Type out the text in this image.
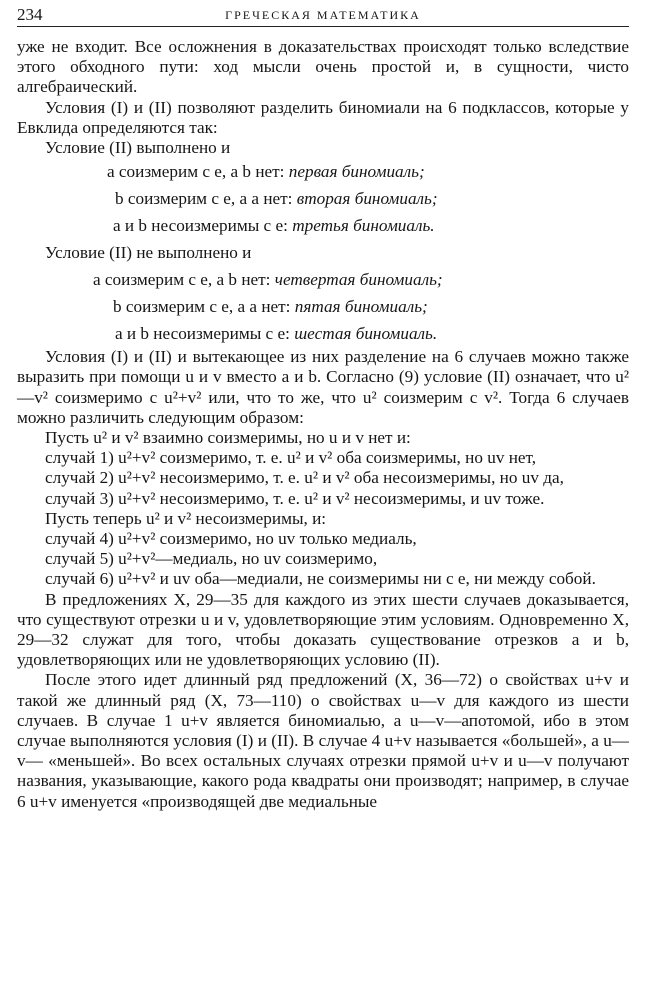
234	ГРЕЧЕСКАЯ МАТЕМАТИКА

уже не входит. Все осложнения в доказательствах происходят только вследствие этого обходного пути: ход мысли очень простой и, в сущности, чисто алгебраический.

Условия (I) и (II) позволяют разделить биномиали на 6 подклассов, которые у Евклида определяются так:

Условие (II) выполнено и

a соизмерим с e, а b нет: первая биномиаль;

b соизмерим с e, а a нет: вторая биномиаль;

a и b несоизмеримы с e: третья биномиаль.

Условие (II) не выполнено и

a соизмерим с e, а b нет: четвертая биномиаль;

b соизмерим с e, а a нет: пятая биномиаль;

a и b несоизмеримы с e: шестая биномиаль.

Условия (I) и (II) и вытекающее из них разделение на 6 случаев можно также выразить при помощи u и v вместо a и b. Согласно (9) условие (II) означает, что u²—v² соизмеримо с u²+v² или, что то же, что u² соизмерим с v². Тогда 6 случаев можно различить следующим образом:

Пусть u² и v² взаимно соизмеримы, но u и v нет и:

случай 1) u²+v² соизмеримо, т. е. u² и v² оба соизмеримы, но uv нет,

случай 2) u²+v² несоизмеримо, т. е. u² и v² оба несоизмеримы, но uv да,

случай 3) u²+v² несоизмеримо, т. е. u² и v² несоизмеримы, и uv тоже.

Пусть теперь u² и v² несоизмеримы, и:

случай 4) u²+v² соизмеримо, но uv только медиаль,

случай 5) u²+v²—медиаль, но uv соизмеримо,

случай 6) u²+v² и uv оба—медиали, не соизмеримы ни с e, ни между собой.

В предложениях X, 29—35 для каждого из этих шести случаев доказывается, что существуют отрезки u и v, удовлетворяющие этим условиям. Одновременно X, 29—32 служат для того, чтобы доказать существование отрезков a и b, удовлетворяющих или не удовлетворяющих условию (II).

После этого идет длинный ряд предложений (X, 36—72) о свойствах u+v и такой же длинный ряд (X, 73—110) о свойствах u—v для каждого из шести случаев. В случае 1 u+v является биномиалью, а u—v—апотомой, ибо в этом случае выполняются условия (I) и (II). В случае 4 u+v называется «большей», а u—v— «меньшей». Во всех остальных случаях отрезки прямой u+v и u—v получают названия, указывающие, какого рода квадраты они производят; например, в случае 6 u+v именуется «производящей две медиальные
